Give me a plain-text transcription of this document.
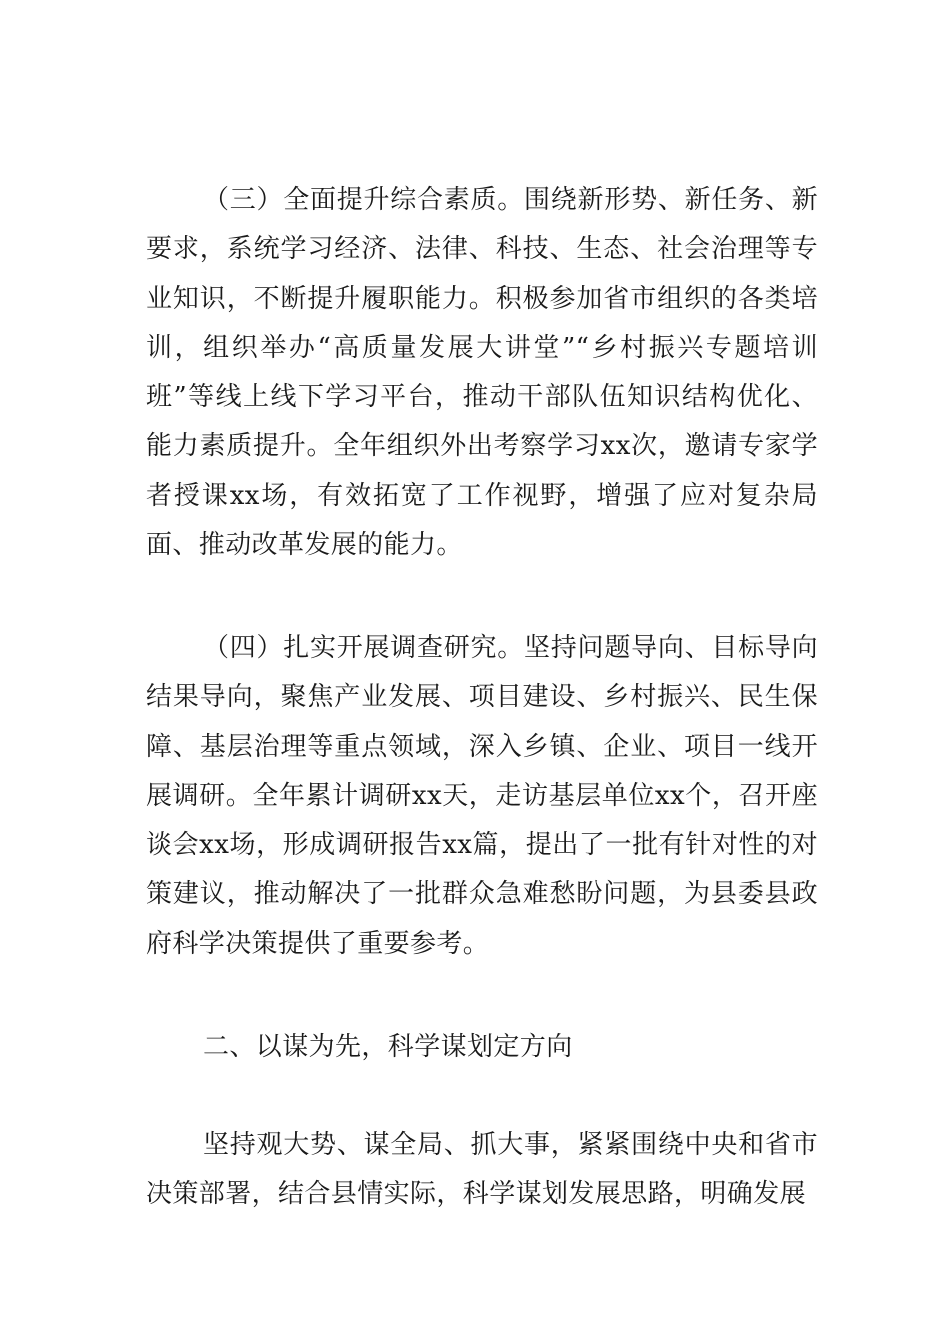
（三）全面提升综合素质。围绕新形势、新任务、新要求，系统学习经济、法律、科技、生态、社会治理等专业知识，不断提升履职能力。积极参加省市组织的各类培训，组织举办“高质量发展大讲堂”“乡村振兴专题培训班”等线上线下学习平台，推动干部队伍知识结构优化、能力素质提升。全年组织外出考察学习xx次，邀请专家学者授课xx场，有效拓宽了工作视野，增强了应对复杂局面、推动改革发展的能力。

（四）扎实开展调查研究。坚持问题导向、目标导向结果导向，聚焦产业发展、项目建设、乡村振兴、民生保障、基层治理等重点领域，深入乡镇、企业、项目一线开展调研。全年累计调研xx天，走访基层单位xx个，召开座谈会xx场，形成调研报告xx篇，提出了一批有针对性的对策建议，推动解决了一批群众急难愁盼问题，为县委县政府科学决策提供了重要参考。

二、以谋为先，科学谋划定方向

坚持观大势、谋全局、抓大事，紧紧围绕中央和省市决策部署，结合县情实际，科学谋划发展思路，明确发展
